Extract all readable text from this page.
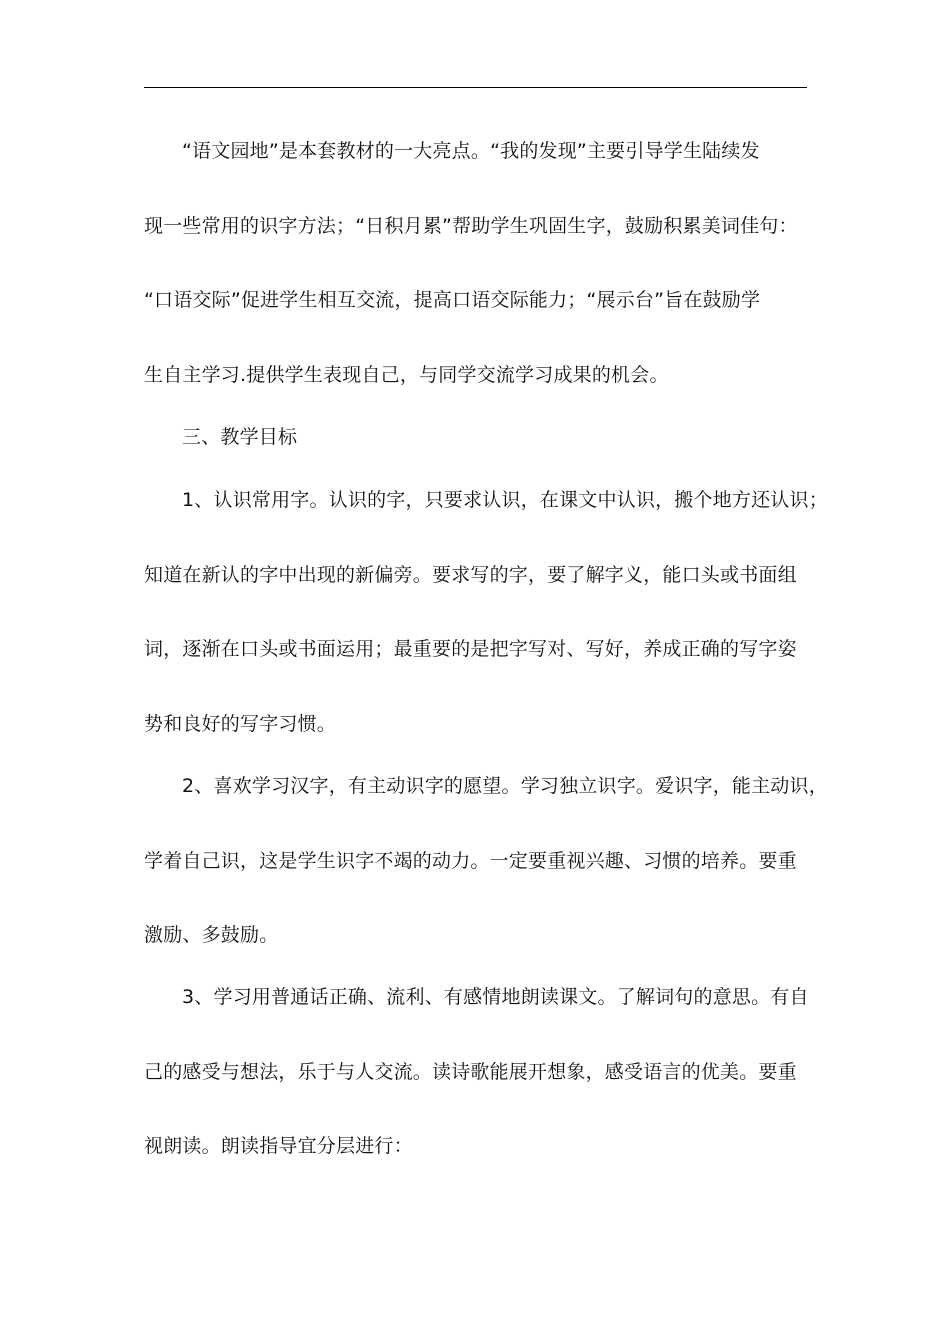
“语文园地”是本套教材的一大亮点。“我的发现”主要引导学生陆续发
现一些常用的识字方法；“日积月累”帮助学生巩固生字，鼓励积累美词佳句：
“口语交际”促进学生相互交流，提高口语交际能力；“展示台”旨在鼓励学
生自主学习.提供学生表现自己，与同学交流学习成果的机会。
三、教学目标
1、认识常用字。认识的字，只要求认识，在课文中认识，搬个地方还认识；
知道在新认的字中出现的新偏旁。要求写的字，要了解字义，能口头或书面组
词，逐渐在口头或书面运用；最重要的是把字写对、写好，养成正确的写字姿
势和良好的写字习惯。
2、喜欢学习汉字，有主动识字的愿望。学习独立识字。爱识字，能主动识，
学着自己识，这是学生识字不竭的动力。一定要重视兴趣、习惯的培养。要重
激励、多鼓励。
3、学习用普通话正确、流利、有感情地朗读课文。了解词句的意思。有自
己的感受与想法，乐于与人交流。读诗歌能展开想象，感受语言的优美。要重
视朗读。朗读指导宜分层进行：
